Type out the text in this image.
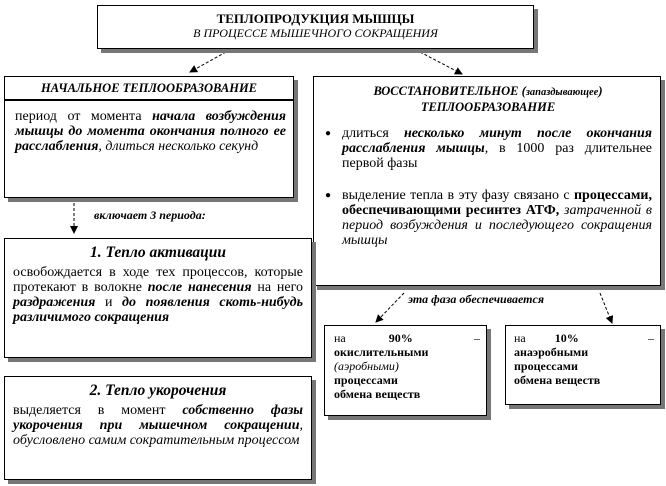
ТЕПЛОПРОДУКЦИЯ МЫШЦЫ
В ПРОЦЕССЕ МЫШЕЧНОГО СОКРАЩЕНИЯ
НАЧАЛЬНОЕ ТЕПЛООБРАЗОВАНИЕ
период от момента начала возбуждения мышцы до момента окончания полного ее расслабления, длиться несколько секунд
включает 3 периода:
ВОССТАНОВИТЕЛЬНОЕ (запаздывающее)
ТЕПЛООБРАЗОВАНИЕ
● длиться несколько минут после окончания расслабления мышцы, в 1000 раз длительнее первой фазы
● выделение тепла в эту фазу связано с процессами, обеспечивающими ресинтез АТФ, затраченной в период возбуждения и последующего сокращения мышцы
1. Тепло активации
освобождается в ходе тех процессов, которые протекают в волокне после нанесения на него раздражения и до появления скоть-нибудь различимого сокращения
2. Тепло укорочения
выделяется в момент собственно фазы укорочения при мышечном сокращении, обусловлено самим сократительным процессом
эта фаза обеспечивается
на	90%	–
окислительными
(аэробными)
процессами
обмена веществ
на 10%	–
анаэробными
процессами
обмена веществ
